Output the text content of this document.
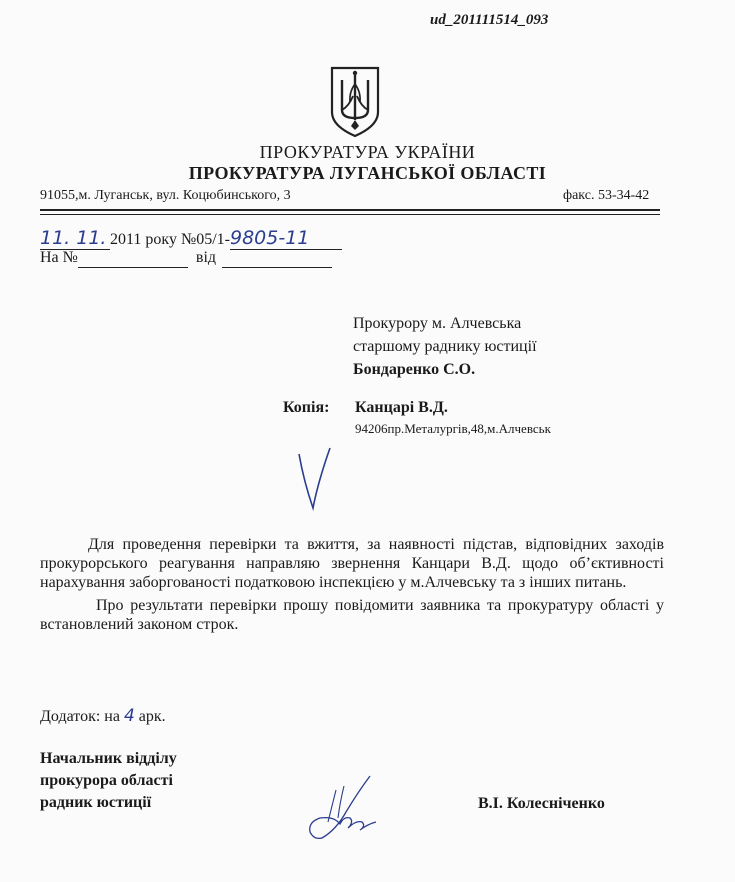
ud_201111514_093
ПРОКУРАТУРА УКРАЇНИ
ПРОКУРАТУРА ЛУГАНСЬКОЇ ОБЛАСТІ
91055,м. Луганськ, вул. Коцюбинського, 3	факс. 53-34-42
11. 11. 2011 року №05/1-9805-11
На №	від
Прокурору м. Алчевська
старшому раднику юстиції
Бондаренко С.О.
Копія: Канцарі В.Д.
94206пр.Металургів,48,м.Алчевськ

Для проведення перевірки та вжиття, за наявності підстав, відповідних заходів прокурорського реагування направляю звернення Канцари В.Д. щодо об’єктивності нарахування заборгованості податковою інспекцією у м.Алчевську та з інших питань.

Про результати перевірки прошу повідомити заявника та прокуратуру області у встановлений законом строк.

Додаток: на 4 арк.
Начальник відділу
прокурора області
радник юстиції	В.І. Колесніченко
